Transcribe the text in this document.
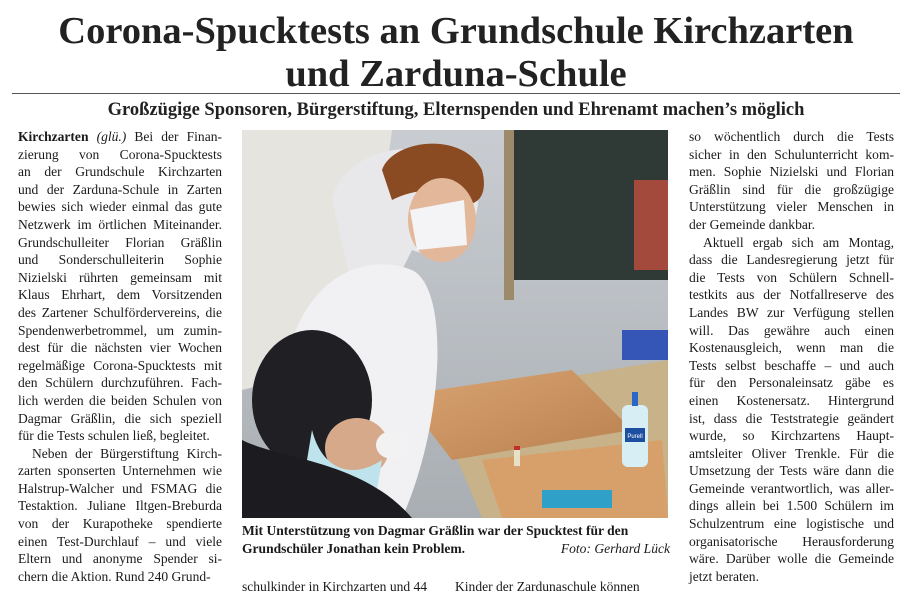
Corona-Spucktests an Grundschule Kirchzarten
und Zarduna-Schule
Großzügige Sponsoren, Bürgerstiftung, Elternspenden und Ehrenamt machen’s möglich
Kirchzarten (glü.) Bei der Finan-
zierung von Corona-Spucktests
an der Grundschule Kirchzarten
und der Zarduna-Schule in Zarten
bewies sich wieder einmal das gute
Netzwerk im örtlichen Miteinander.
Grundschulleiter Florian Gräßlin
und Sonderschulleiterin Sophie
Nizielski rührten gemeinsam mit
Klaus Ehrhart, dem Vorsitzenden
des Zartener Schulfördervereins, die
Spendenwerbetrommel, um zumin-
dest für die nächsten vier Wochen
regelmäßige Corona-Spucktests mit
den Schülern durchzuführen. Fach-
lich werden die beiden Schulen von
Dagmar Gräßlin, die sich speziell
für die Tests schulen ließ, begleitet.
Neben der Bürgerstiftung Kirch-
zarten sponserten Unternehmen wie
Halstrup-Walcher und FSMAG die
Testaktion. Juliane Iltgen-Breburda
von der Kurapotheke spendierte
einen Test-Durchlauf – und viele
Eltern und anonyme Spender si-
chern die Aktion. Rund 240 Grund-
Purell
Mit Unterstützung von Dagmar Gräßlin war der Spucktest für den
Grundschüler Jonathan kein Problem.	Foto: Gerhard Lück
schulkinder in Kirchzarten und 44 Kinder der Zardunaschule können
so wöchentlich durch die Tests
sicher in den Schulunterricht kom-
men. Sophie Nizielski und Florian
Gräßlin sind für die großzügige
Unterstützung vieler Menschen in
der Gemeinde dankbar.
Aktuell ergab sich am Montag,
dass die Landesregierung jetzt für
die Tests von Schülern Schnell-
testkits aus der Notfallreserve des
Landes BW zur Verfügung stellen
will. Das gewähre auch einen
Kostenausgleich, wenn man die
Tests selbst beschaffe – und auch
für den Personaleinsatz gäbe es
einen Kostenersatz. Hintergrund
ist, dass die Teststrategie geändert
wurde, so Kirchzartens Haupt-
amtsleiter Oliver Trenkle. Für die
Umsetzung der Tests wäre dann die
Gemeinde verantwortlich, was aller-
dings allein bei 1.500 Schülern im
Schulzentrum eine logistische und
organisatorische Herausforderung
wäre. Darüber wolle die Gemeinde
jetzt beraten.
